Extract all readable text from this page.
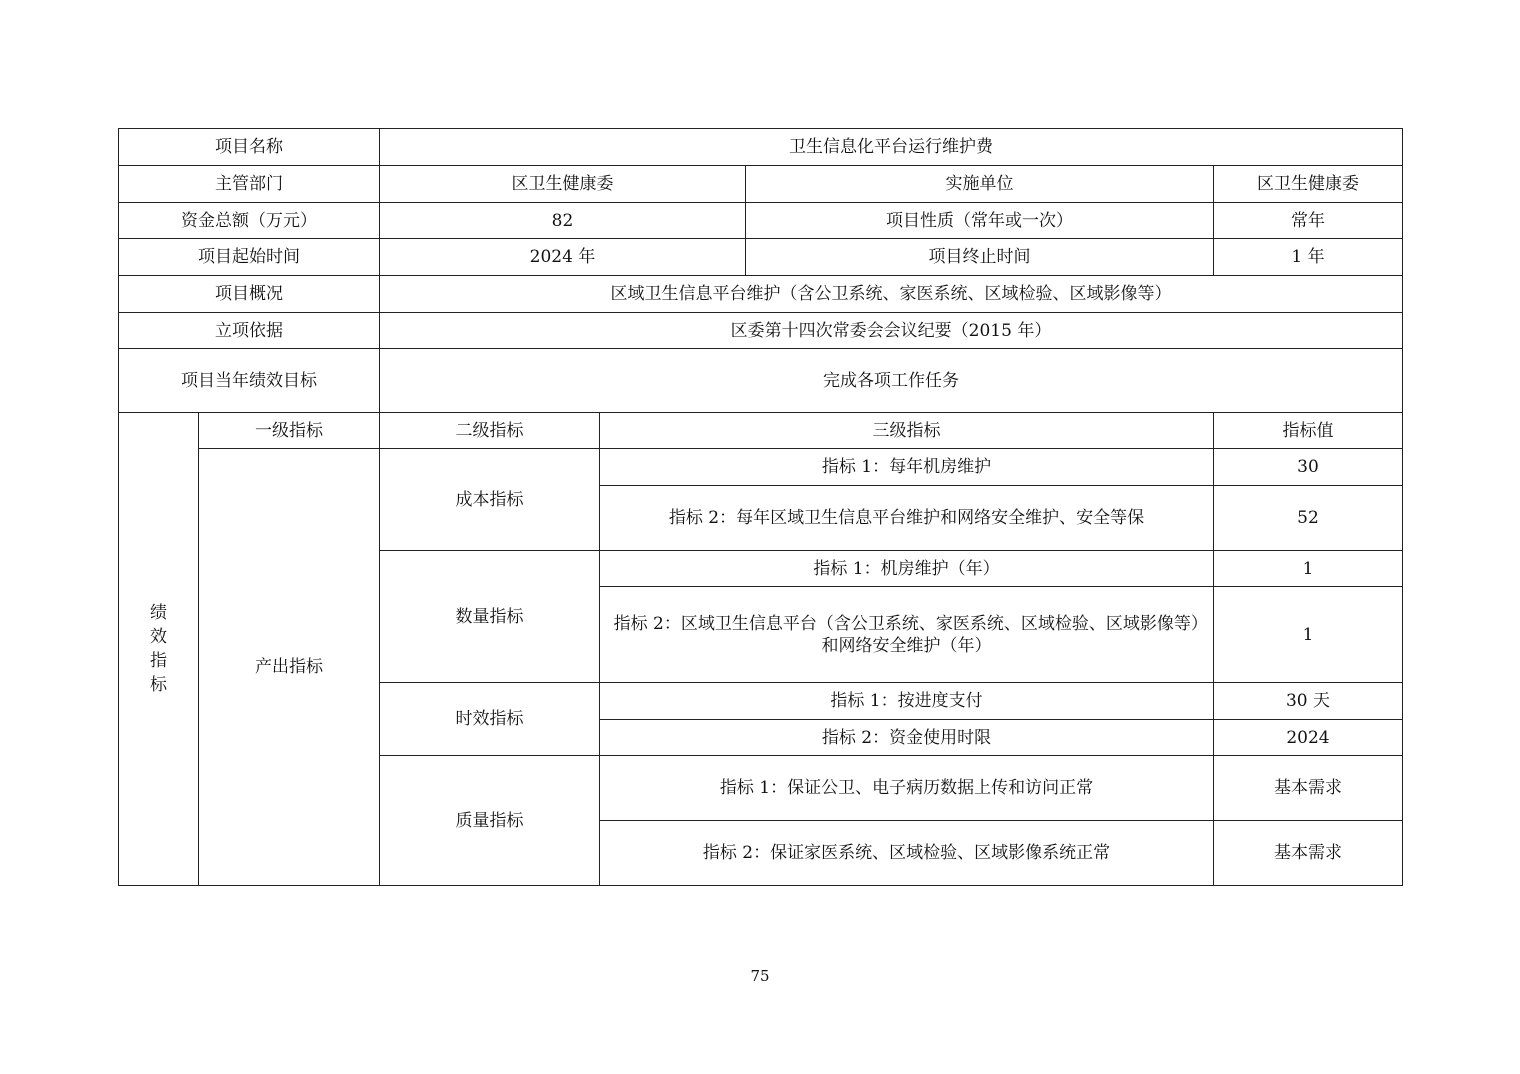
项目名称		卫生信息化平台运行维护费			
主管部门		区卫生健康委		实施单位	区卫生健康委
资金总额（万元）		82		项目性质（常年或一次）	常年
项目起始时间		2024 年		项目终止时间	1 年
项目概况		区域卫生信息平台维护（含公卫系统、家医系统、区域检验、区域影像等）			
立项依据		区委第十四次常委会会议纪要（2015 年）			
项目当年绩效目标		完成各项工作任务			
绩效指标	一级指标	二级指标	三级指标		指标值
	产出指标	成本指标	指标 1：每年机房维护		30
			指标 2：每年区域卫生信息平台维护和网络安全维护、安全等保		52
		数量指标	指标 1：机房维护（年）		1
			指标 2：区域卫生信息平台（含公卫系统、家医系统、区域检验、区域影像等）和网络安全维护（年）		1
		时效指标	指标 1：按进度支付		30 天
			指标 2：资金使用时限		2024
		质量指标	指标 1：保证公卫、电子病历数据上传和访问正常		基本需求
			指标 2：保证家医系统、区域检验、区域影像系统正常		基本需求
75
